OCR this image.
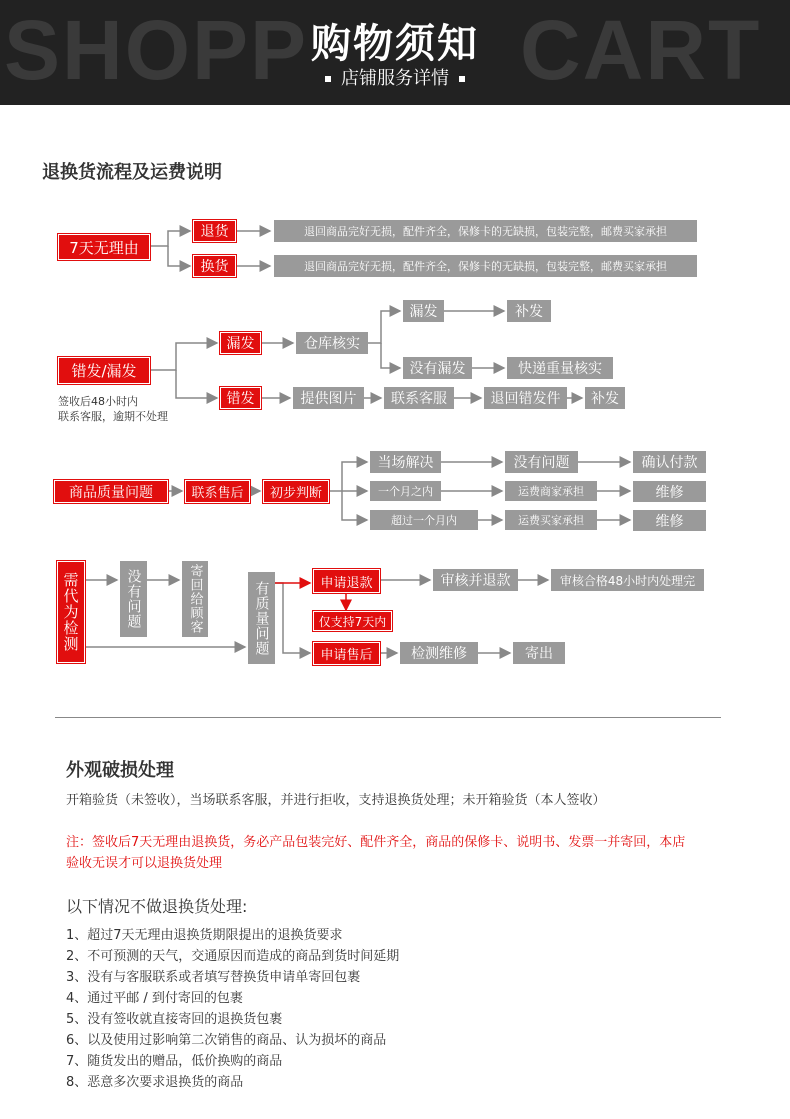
SHOPP	CART
购物须知
店铺服务详情
退换货流程及运费说明
7天无理由
退货
换货
退回商品完好无损，配件齐全，保修卡的无缺损，包装完整，邮费买家承担
退回商品完好无损，配件齐全，保修卡的无缺损，包装完整，邮费买家承担
错发/漏发
签收后48小时内
联系客服，逾期不处理
漏发	仓库核实
漏发	补发
没有漏发	快递重量核实
错发	提供图片	联系客服	退回错发件	补发
商品质量问题	联系售后	初步判断
当场解决
一个月之内
超过一个月内
没有问题
运费商家承担
运费买家承担
确认付款
维修
维修
需代为检测	没有问题	寄回给顾客	有质量问题	申请退款	审核并退款	审核合格48小时内处理完
仅支持7天内
申请售后	检测维修	寄出
外观破损处理
开箱验货（未签收），当场联系客服，并进行拒收，支持退换货处理；未开箱验货（本人签收）
注：签收后7天无理由退换货，务必产品包装完好、配件齐全，商品的保修卡、说明书、发票一并寄回，本店
验收无误才可以退换货处理
以下情况不做退换货处理:
1、超过7天无理由退换货期限提出的退换货要求
2、不可预测的天气，交通原因而造成的商品到货时间延期
3、没有与客服联系或者填写替换货申请单寄回包裹
4、通过平邮 / 到付寄回的包裹
5、没有签收就直接寄回的退换货包裹
6、以及使用过影响第二次销售的商品、认为损坏的商品
7、随货发出的赠品，低价换购的商品
8、恶意多次要求退换货的商品
